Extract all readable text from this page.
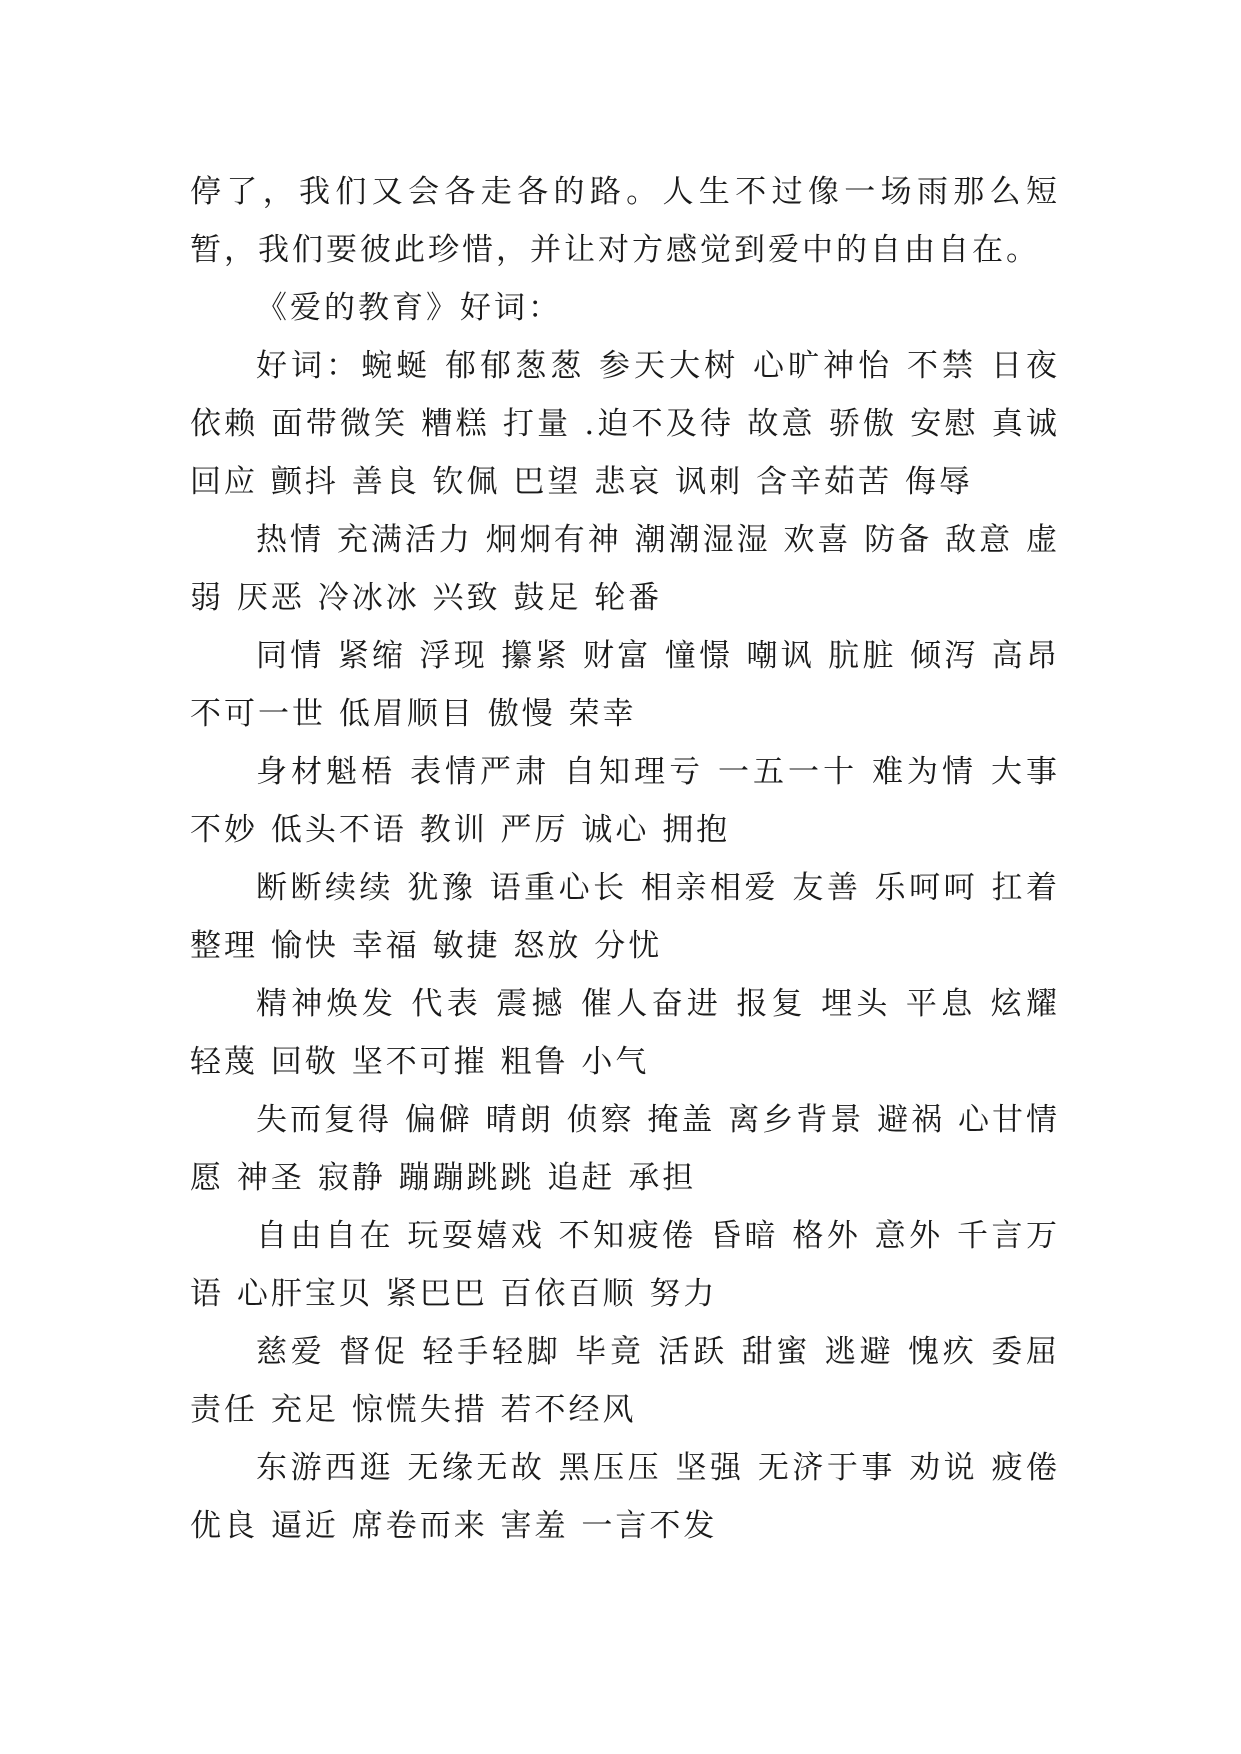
停了，我们又会各走各的路。人生不过像一场雨那么短暂，我们要彼此珍惜，并让对方感觉到爱中的自由自在。

《爱的教育》好词：

好词：蜿蜒 郁郁葱葱 参天大树 心旷神怡 不禁 日夜依赖 面带微笑 糟糕 打量 .迫不及待 故意 骄傲 安慰 真诚 回应 颤抖 善良 钦佩 巴望 悲哀 讽刺 含辛茹苦 侮辱

热情 充满活力 炯炯有神 潮潮湿湿 欢喜 防备 敌意 虚弱 厌恶 冷冰冰 兴致 鼓足 轮番

同情 紧缩 浮现 攥紧 财富 憧憬 嘲讽 肮脏 倾泻 高昂 不可一世 低眉顺目 傲慢 荣幸

身材魁梧 表情严肃 自知理亏 一五一十 难为情 大事不妙 低头不语 教训 严厉 诚心 拥抱

断断续续 犹豫 语重心长 相亲相爱 友善 乐呵呵 扛着 整理 愉快 幸福 敏捷 怒放 分忧

精神焕发 代表 震撼 催人奋进 报复 埋头 平息 炫耀 轻蔑 回敬 坚不可摧 粗鲁 小气

失而复得 偏僻 晴朗 侦察 掩盖 离乡背景 避祸 心甘情愿 神圣 寂静 蹦蹦跳跳 追赶 承担

自由自在 玩耍嬉戏 不知疲倦 昏暗 格外 意外 千言万语 心肝宝贝 紧巴巴 百依百顺 努力

慈爱 督促 轻手轻脚 毕竟 活跃 甜蜜 逃避 愧疚 委屈 责任 充足 惊慌失措 若不经风

东游西逛 无缘无故 黑压压 坚强 无济于事 劝说 疲倦 优良 逼近 席卷而来 害羞 一言不发
